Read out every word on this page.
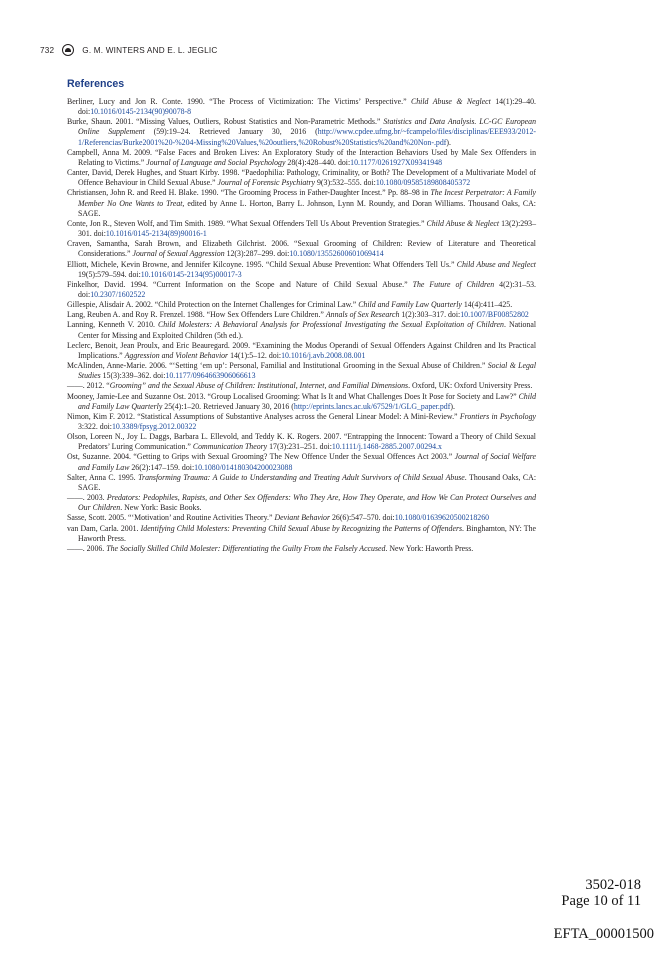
732	G. M. WINTERS AND E. L. JEGLIC
References
Berliner, Lucy and Jon R. Conte. 1990. “The Process of Victimization: The Victims’ Perspective.” Child Abuse & Neglect 14(1):29–40. doi:10.1016/0145-2134(90)90078-8
Burke, Shaun. 2001. “Missing Values, Outliers, Robust Statistics and Non-Parametric Methods.” Statistics and Data Analysis. LC-GC European Online Supplement (59):19–24. Retrieved January 30, 2016 (http://www.cpdee.ufmg.br/~fcampelo/files/disciplinas/EEE933/2012-1/Referencias/Burke2001%20-%204-Missing%20Values,%20outliers,%20Robust%20Statistics%20and%20Non-.pdf).
Campbell, Anna M. 2009. “False Faces and Broken Lives: An Exploratory Study of the Interaction Behaviors Used by Male Sex Offenders in Relating to Victims.” Journal of Language and Social Psychology 28(4):428–440. doi:10.1177/0261927X09341948
Canter, David, Derek Hughes, and Stuart Kirby. 1998. “Paedophilia: Pathology, Criminality, or Both? The Development of a Multivariate Model of Offence Behaviour in Child Sexual Abuse.” Journal of Forensic Psychiatry 9(3):532–555. doi:10.1080/09585189808405372
Christiansen, John R. and Reed H. Blake. 1990. “The Grooming Process in Father-Daughter Incest.” Pp. 88–98 in The Incest Perpetrator: A Family Member No One Wants to Treat, edited by Anne L. Horton, Barry L. Johnson, Lynn M. Roundy, and Doran Williams. Thousand Oaks, CA: SAGE.
Conte, Jon R., Steven Wolf, and Tim Smith. 1989. “What Sexual Offenders Tell Us About Prevention Strategies.” Child Abuse & Neglect 13(2):293–301. doi:10.1016/0145-2134(89)90016-1
Craven, Samantha, Sarah Brown, and Elizabeth Gilchrist. 2006. “Sexual Grooming of Children: Review of Literature and Theoretical Considerations.” Journal of Sexual Aggression 12(3):287–299. doi:10.1080/13552600601069414
Elliott, Michele, Kevin Browne, and Jennifer Kilcoyne. 1995. “Child Sexual Abuse Prevention: What Offenders Tell Us.” Child Abuse and Neglect 19(5):579–594. doi:10.1016/0145-2134(95)00017-3
Finkelhor, David. 1994. “Current Information on the Scope and Nature of Child Sexual Abuse.” The Future of Children 4(2):31–53. doi:10.2307/1602522
Gillespie, Alisdair A. 2002. “Child Protection on the Internet Challenges for Criminal Law.” Child and Family Law Quarterly 14(4):411–425.
Lang, Reuben A. and Roy R. Frenzel. 1988. “How Sex Offenders Lure Children.” Annals of Sex Research 1(2):303–317. doi:10.1007/BF00852802
Lanning, Kenneth V. 2010. Child Molesters: A Behavioral Analysis for Professional Investigating the Sexual Exploitation of Children. National Center for Missing and Exploited Children (5th ed.).
Leclerc, Benoit, Jean Proulx, and Eric Beauregard. 2009. “Examining the Modus Operandi of Sexual Offenders Against Children and Its Practical Implications.” Aggression and Violent Behavior 14(1):5–12. doi:10.1016/j.avb.2008.08.001
McAlinden, Anne-Marie. 2006. “‘Setting ‘em up’: Personal, Familial and Institutional Grooming in the Sexual Abuse of Children.” Social & Legal Studies 15(3):339–362. doi:10.1177/0964663906066613
——. 2012. “Grooming” and the Sexual Abuse of Children: Institutional, Internet, and Familial Dimensions. Oxford, UK: Oxford University Press.
Mooney, Jamie-Lee and Suzanne Ost. 2013. “Group Localised Grooming: What Is It and What Challenges Does It Pose for Society and Law?” Child and Family Law Quarterly 25(4):1–20. Retrieved January 30, 2016 (http://eprints.lancs.ac.uk/67529/1/GLG_paper.pdf).
Nimon, Kim F. 2012. “Statistical Assumptions of Substantive Analyses across the General Linear Model: A Mini-Review.” Frontiers in Psychology 3:322. doi:10.3389/fpsyg.2012.00322
Olson, Loreen N., Joy L. Daggs, Barbara L. Ellevold, and Teddy K. K. Rogers. 2007. “Entrapping the Innocent: Toward a Theory of Child Sexual Predators’ Luring Communication.” Communication Theory 17(3):231–251. doi:10.1111/j.1468-2885.2007.00294.x
Ost, Suzanne. 2004. “Getting to Grips with Sexual Grooming? The New Offence Under the Sexual Offences Act 2003.” Journal of Social Welfare and Family Law 26(2):147–159. doi:10.1080/014180304200023088
Salter, Anna C. 1995. Transforming Trauma: A Guide to Understanding and Treating Adult Survivors of Child Sexual Abuse. Thousand Oaks, CA: SAGE.
——. 2003. Predators: Pedophiles, Rapists, and Other Sex Offenders: Who They Are, How They Operate, and How We Can Protect Ourselves and Our Children. New York: Basic Books.
Sasse, Scott. 2005. “‘Motivation’ and Routine Activities Theory.” Deviant Behavior 26(6):547–570. doi:10.1080/01639620500218260
van Dam, Carla. 2001. Identifying Child Molesters: Preventing Child Sexual Abuse by Recognizing the Patterns of Offenders. Binghamton, NY: The Haworth Press.
——. 2006. The Socially Skilled Child Molester: Differentiating the Guilty From the Falsely Accused. New York: Haworth Press.
3502-018
Page 10 of 11
EFTA_00001500
